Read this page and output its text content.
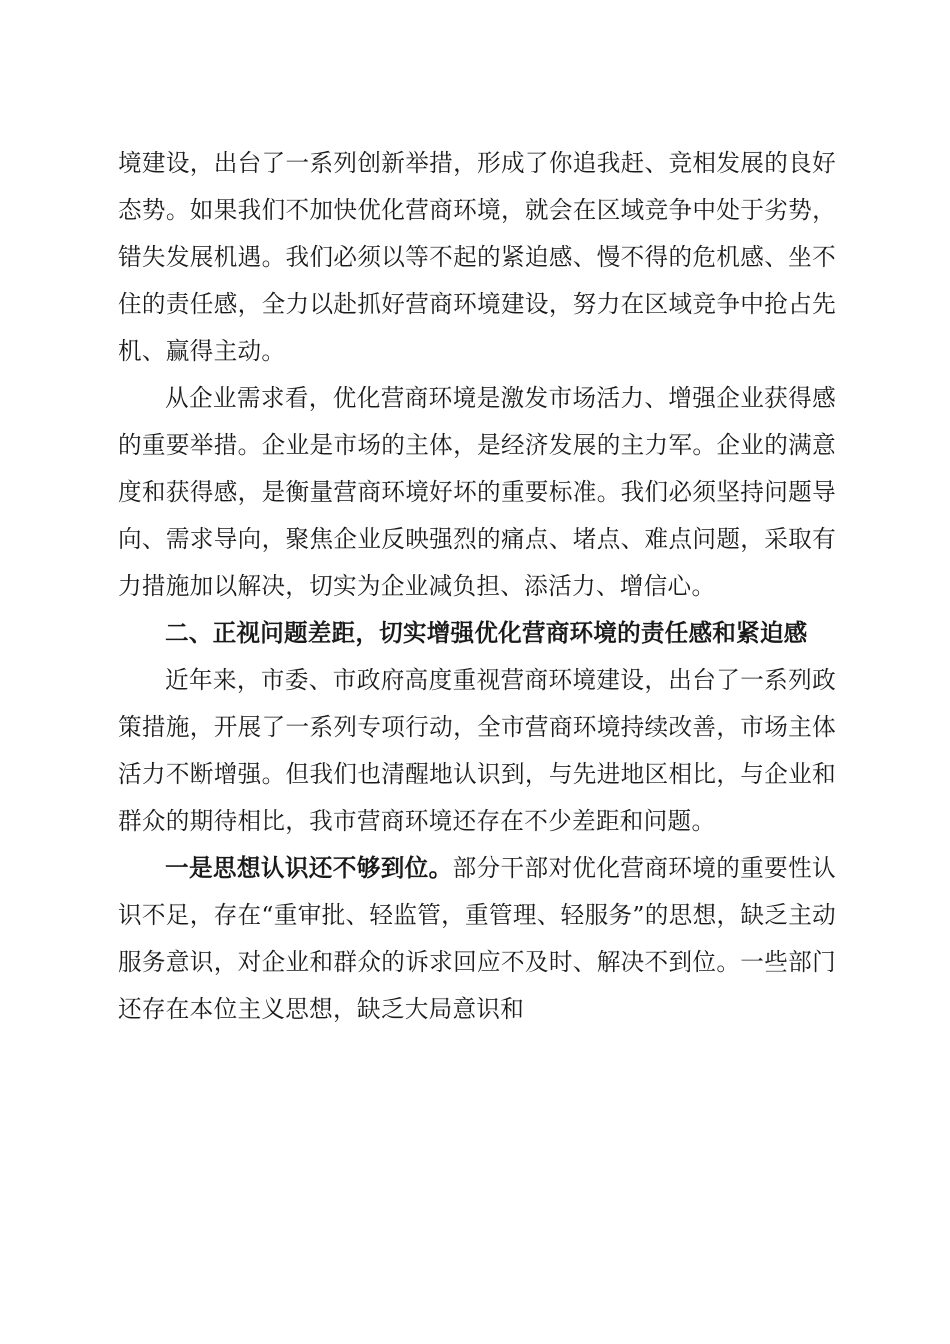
境建设，出台了一系列创新举措，形成了你追我赶、竞相发展的良好态势。如果我们不加快优化营商环境，就会在区域竞争中处于劣势，错失发展机遇。我们必须以等不起的紧迫感、慢不得的危机感、坐不住的责任感，全力以赴抓好营商环境建设，努力在区域竞争中抢占先机、赢得主动。

从企业需求看，优化营商环境是激发市场活力、增强企业获得感的重要举措。企业是市场的主体，是经济发展的主力军。企业的满意度和获得感，是衡量营商环境好坏的重要标准。我们必须坚持问题导向、需求导向，聚焦企业反映强烈的痛点、堵点、难点问题，采取有力措施加以解决，切实为企业减负担、添活力、增信心。

二、正视问题差距，切实增强优化营商环境的责任感和紧迫感

近年来，市委、市政府高度重视营商环境建设，出台了一系列政策措施，开展了一系列专项行动，全市营商环境持续改善，市场主体活力不断增强。但我们也清醒地认识到，与先进地区相比，与企业和群众的期待相比，我市营商环境还存在不少差距和问题。

一是思想认识还不够到位。部分干部对优化营商环境的重要性认识不足，存在“重审批、轻监管，重管理、轻服务”的思想，缺乏主动服务意识，对企业和群众的诉求回应不及时、解决不到位。一些部门还存在本位主义思想，缺乏大局意识和
